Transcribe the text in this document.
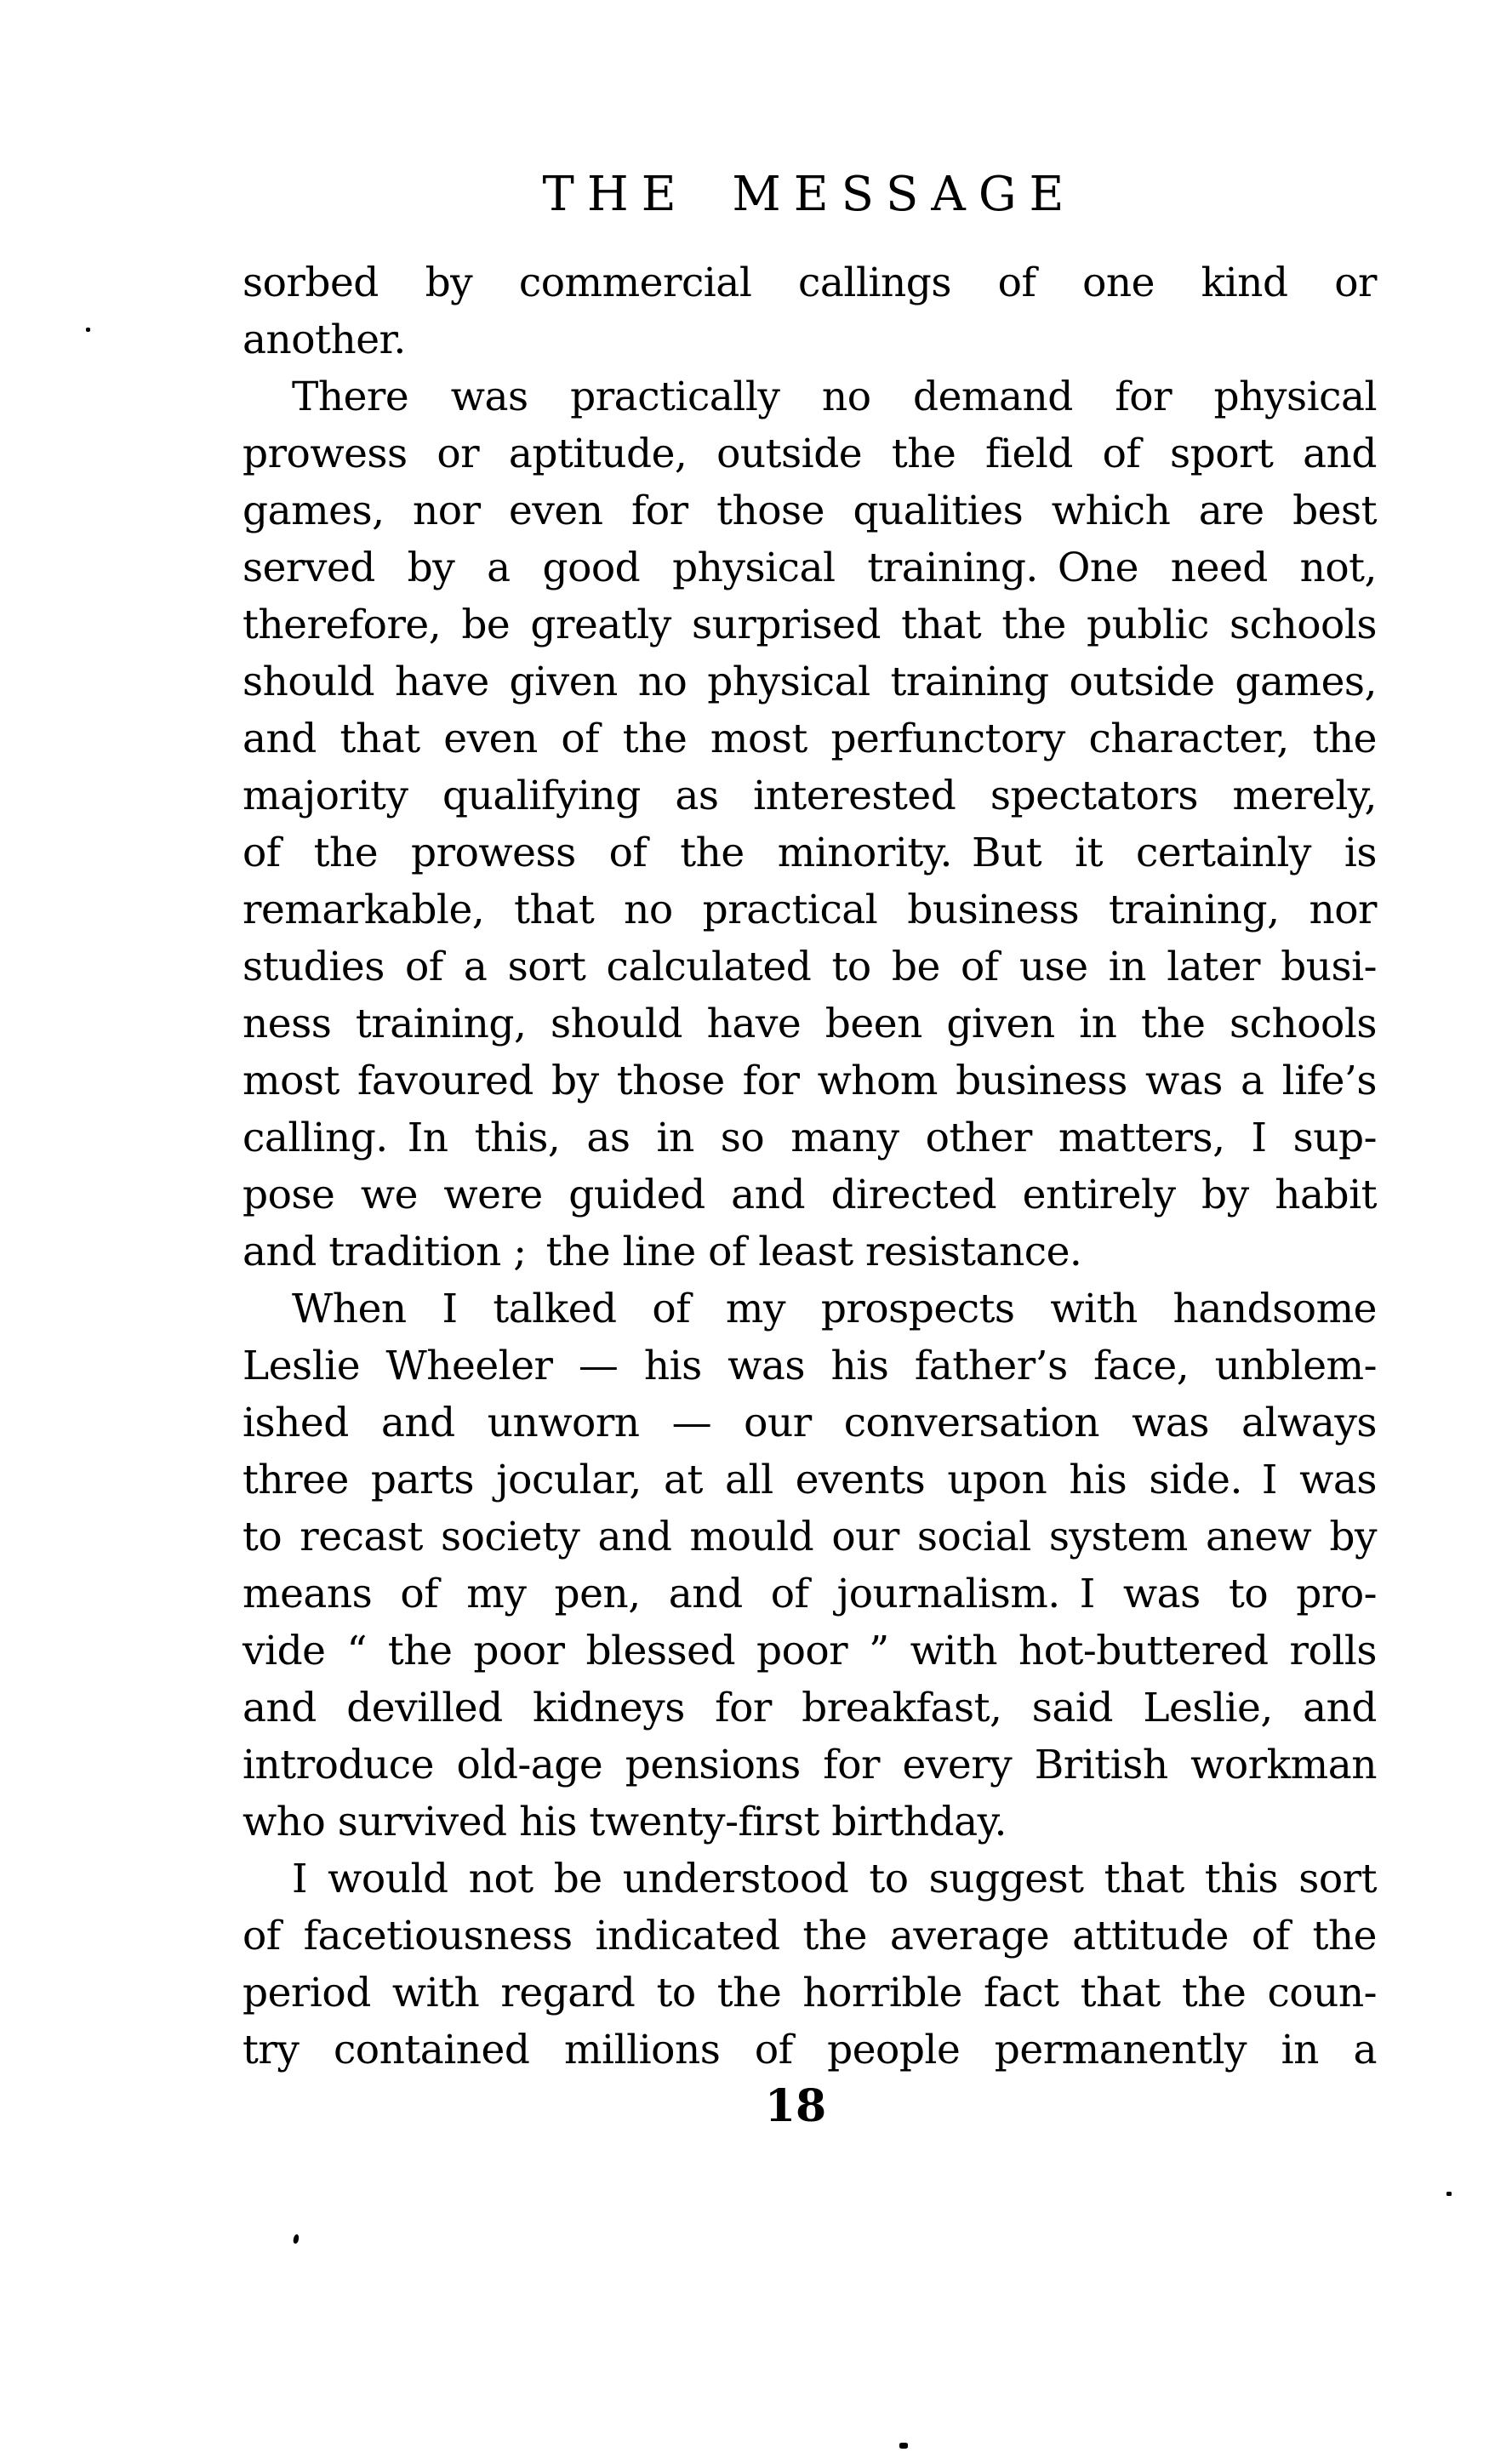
THE MESSAGE
sorbed by commercial callings of one kind or
another.
There was practically no demand for physical
prowess or aptitude, outside the field of sport and
games, nor even for those qualities which are best
served by a good physical training. One need not,
therefore, be greatly surprised that the public schools
should have given no physical training outside games,
and that even of the most perfunctory character, the
majority qualifying as interested spectators merely,
of the prowess of the minority. But it certainly is
remarkable, that no practical business training, nor
studies of a sort calculated to be of use in later busi-
ness training, should have been given in the schools
most favoured by those for whom business was a life’s
calling. In this, as in so many other matters, I sup-
pose we were guided and directed entirely by habit
and tradition ; the line of least resistance.
When I talked of my prospects with handsome
Leslie Wheeler — his was his father’s face, unblem-
ished and unworn — our conversation was always
three parts jocular, at all events upon his side. I was
to recast society and mould our social system anew by
means of my pen, and of journalism. I was to pro-
vide “ the poor blessed poor ” with hot-buttered rolls
and devilled kidneys for breakfast, said Leslie, and
introduce old-age pensions for every British workman
who survived his twenty-first birthday.
I would not be understood to suggest that this sort
of facetiousness indicated the average attitude of the
period with regard to the horrible fact that the coun-
try contained millions of people permanently in a
18
